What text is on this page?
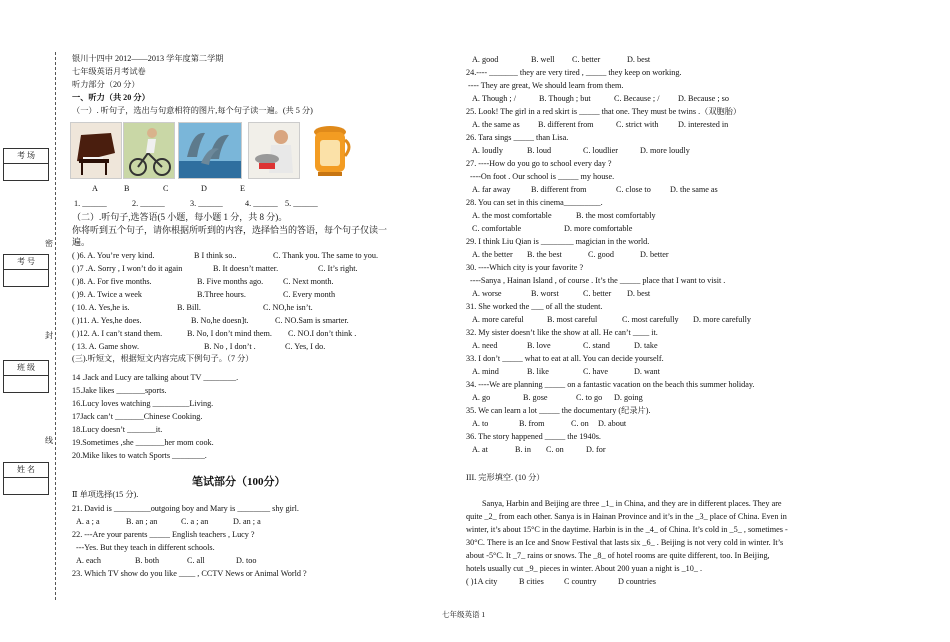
密
封
线
考 场
考 号
班 级
姓 名
银川十四中 2012——2013 学年度第二学期
七年级英语月考试卷
听力部分（20 分）
一、听力（共 20 分）
（一）. 听句子，选出与句意相符的图片,每个句子读一遍。(共 5 分)
A	B	C	D	E
1. ______	2. ______	3. ______	4. ______ 5. ______
（二）.听句子,选答语(5 小题，每小题 1 分，共 8 分)。
你将听到五个句子，请你根据所听到的内容，选择恰当的答语，每个句子仅读一
遍。
( )6. A. You’re very kind.	B I think so..	C. Thank you. The same to you.
( )7 .A. Sorry , I won’t do it again	B. It doesn’t matter.	C. It’s right.
( )8. A. For five months.	B. Five months ago. C. Next month.
( )9. A. Twice a week	B.Three hours.	C. Every month
( 10. A. Yes,he is.	B. Bill.	C. NO,he isn’t.
( )11. A. Yes,he does.	B. No,he doesn]t.	C. NO.Sam is smarter.
( )12. A. I can’t stand them.	B. No, I don’t mind them. C. NO.I don’t think .
( 13. A. Game show.	B. No , I don’t .	C. Yes, I do.
(三).听短文，根据短文内容完成下例句子。（7 分）
14 .Jack and Lucy are talking about TV ________.
15.Jake likes _______sports.
16.Lucy loves watching _________Living.
17Jack can’t _______Chinese Cooking.
18.Lucy doesn’t _______it.
19.Sometimes ,she _______her mom cook.
20.Mike likes to watch Sports ________.
笔试部分（100分）
Ⅱ 单项选择(15 分).
21. David is _________outgoing boy and Mary is ________ shy girl.
A. a ; a	B. an ; an	C. a ; an	D. an ; a
22. ---Are your parents _____ English teachers , Lucy ?
---Yes. But they teach in different schools.
A. each	B. both	C. all	D. too
23. Which TV show do you like ____ , CCTV News or Animal World ?
A. good	B. well C. better	D. best
24.---- _______ they are very tired , _____ they keep on working.
---- They are great, We should learn from them.
A. Though ; /	B. Though ; but	C. Because ; / D. Because ; so
25. Look! The girl in a red skirt is _____ that one. They must be twins .（双胞胎）
A. the same as B. different from	C. strict with D. interested in
26. Tara sings _____ than Lisa.
A. loudly	B. loud	C. loudlier	D. more loudly
27. ----How do you go to school every day ?
----On foot . Our school is _____ my house.
A. far away	B. different from	C. close to D. the same as
28. You can set in this cinema_________.
A. the most comfortable	B. the most comfortably
C. comfortable	D. more comfortable
29. I think Liu Qian is ________ magician in the world.
A. the better B. the best	C. good	D. better
30. ----Which city is your favorite ?
----Sanya , Hainan Island , of course . It’s the _____ place that I want to visit .
A. worse	B. worst	C. better D. best
31. She worked the ___ of all the student.
A. more careful	B. most careful	C. most carefully D. more carefully
32. My sister doesn’t like the show at all. He can’t ____ it.
A. need	B. love	C. stand	D. take
33. I don’t _____ what to eat at all. You can decide yourself.
A. mind	B. like	C. have	D. want
34. ----We are planning _____ on a fantastic vacation on the beach this summer holiday.
A. go	B. gose	C. to go D. going
35. We can learn a lot _____ the documentary (纪录片).
A. to	B. from	C. on D. about
36. The story happened _____ the 1940s.
A. at	B. in C. on	D. for
III. 完形填空. (10 分）
Sanya, Harbin and Beijing are three _1_ in China, and they are in different places. They are
quite _2_ from each other. Sanya is in Hainan Province and it’s in the _3_ place of China. Even in
winter, it’s about 15°C in the daytime. Harbin is in the _4_ of China. It’s cold in _5_ , sometimes -
30°C. There is an Ice and Snow Festival that lasts six _6_ . Beijing is not very cold in winter. It’s
about -5°C. It _7_ rains or snows. The _8_ of hotel rooms are quite different, too. In Beijing,
hotels usually cut _9_ pieces in winter. About 200 yuan a night is _10_ .
( )1A city	B cities C country	D countries
七年级英语 1
